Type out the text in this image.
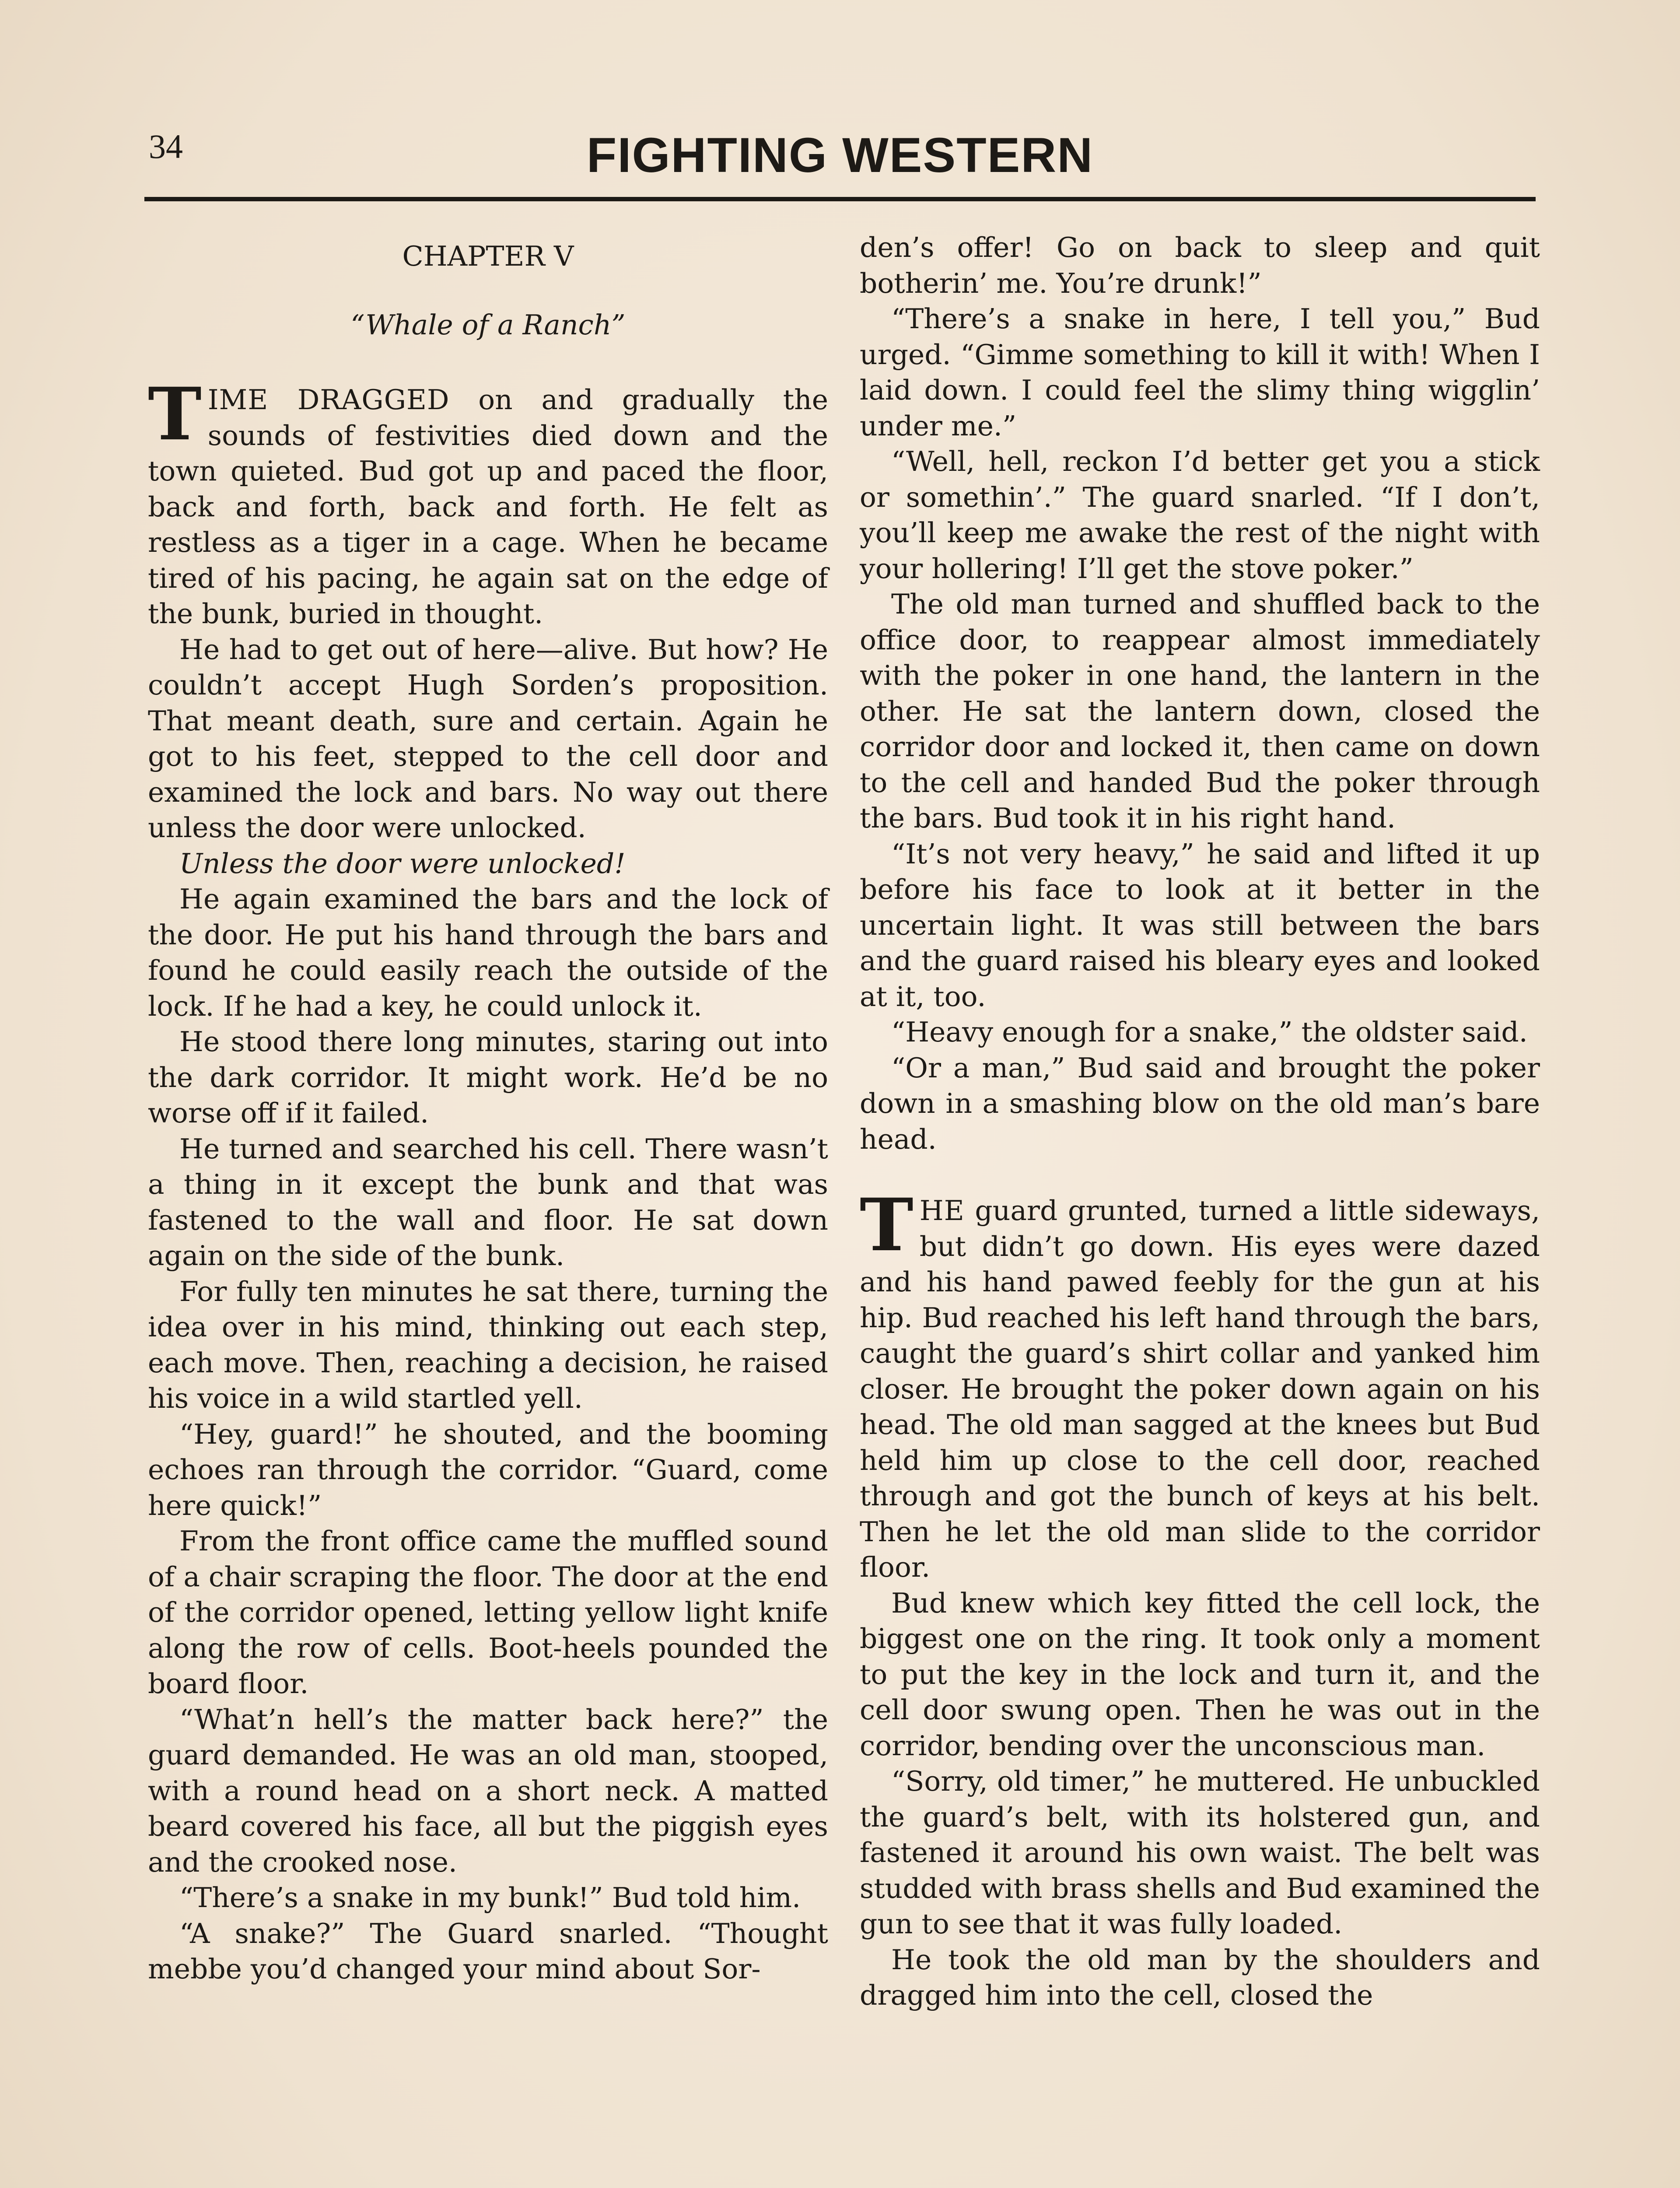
34	FIGHTING WESTERN

CHAPTER V

“Whale of a Ranch”

TIME DRAGGED on and gradually the sounds of festivities died down and the town quieted. Bud got up and paced the floor, back and forth, back and forth. He felt as restless as a tiger in a cage. When he became tired of his pacing, he again sat on the edge of the bunk, buried in thought.

He had to get out of here—alive. But how? He couldn’t accept Hugh Sorden’s proposition. That meant death, sure and certain. Again he got to his feet, stepped to the cell door and examined the lock and bars. No way out there unless the door were unlocked.

Unless the door were unlocked!

He again examined the bars and the lock of the door. He put his hand through the bars and found he could easily reach the outside of the lock. If he had a key, he could unlock it.

He stood there long minutes, staring out into the dark corridor. It might work. He’d be no worse off if it failed.

He turned and searched his cell. There wasn’t a thing in it except the bunk and that was fastened to the wall and floor. He sat down again on the side of the bunk.

For fully ten minutes he sat there, turning the idea over in his mind, thinking out each step, each move. Then, reaching a decision, he raised his voice in a wild startled yell.

“Hey, guard!” he shouted, and the booming echoes ran through the corridor. “Guard, come here quick!”

From the front office came the muffled sound of a chair scraping the floor. The door at the end of the corridor opened, letting yellow light knife along the row of cells. Boot-heels pounded the board floor.

“What’n hell’s the matter back here?” the guard demanded. He was an old man, stooped, with a round head on a short neck. A matted beard covered his face, all but the piggish eyes and the crooked nose.

“There’s a snake in my bunk!” Bud told him.

“A snake?” The Guard snarled. “Thought mebbe you’d changed your mind about Sor-

den’s offer! Go on back to sleep and quit botherin’ me. You’re drunk!”

“There’s a snake in here, I tell you,” Bud urged. “Gimme something to kill it with! When I laid down. I could feel the slimy thing wigglin’ under me.”

“Well, hell, reckon I’d better get you a stick or somethin’.” The guard snarled. “If I don’t, you’ll keep me awake the rest of the night with your hollering! I’ll get the stove poker.”

The old man turned and shuffled back to the office door, to reappear almost immediately with the poker in one hand, the lantern in the other. He sat the lantern down, closed the corridor door and locked it, then came on down to the cell and handed Bud the poker through the bars. Bud took it in his right hand.

“It’s not very heavy,” he said and lifted it up before his face to look at it better in the uncertain light. It was still between the bars and the guard raised his bleary eyes and looked at it, too.

“Heavy enough for a snake,” the oldster said.

“Or a man,” Bud said and brought the poker down in a smashing blow on the old man’s bare head.

THE guard grunted, turned a little sideways, but didn’t go down. His eyes were dazed and his hand pawed feebly for the gun at his hip. Bud reached his left hand through the bars, caught the guard’s shirt collar and yanked him closer. He brought the poker down again on his head. The old man sagged at the knees but Bud held him up close to the cell door, reached through and got the bunch of keys at his belt. Then he let the old man slide to the corridor floor.

Bud knew which key fitted the cell lock, the biggest one on the ring. It took only a moment to put the key in the lock and turn it, and the cell door swung open. Then he was out in the corridor, bending over the unconscious man.

“Sorry, old timer,” he muttered. He unbuckled the guard’s belt, with its holstered gun, and fastened it around his own waist. The belt was studded with brass shells and Bud examined the gun to see that it was fully loaded.

He took the old man by the shoulders and dragged him into the cell, closed the
